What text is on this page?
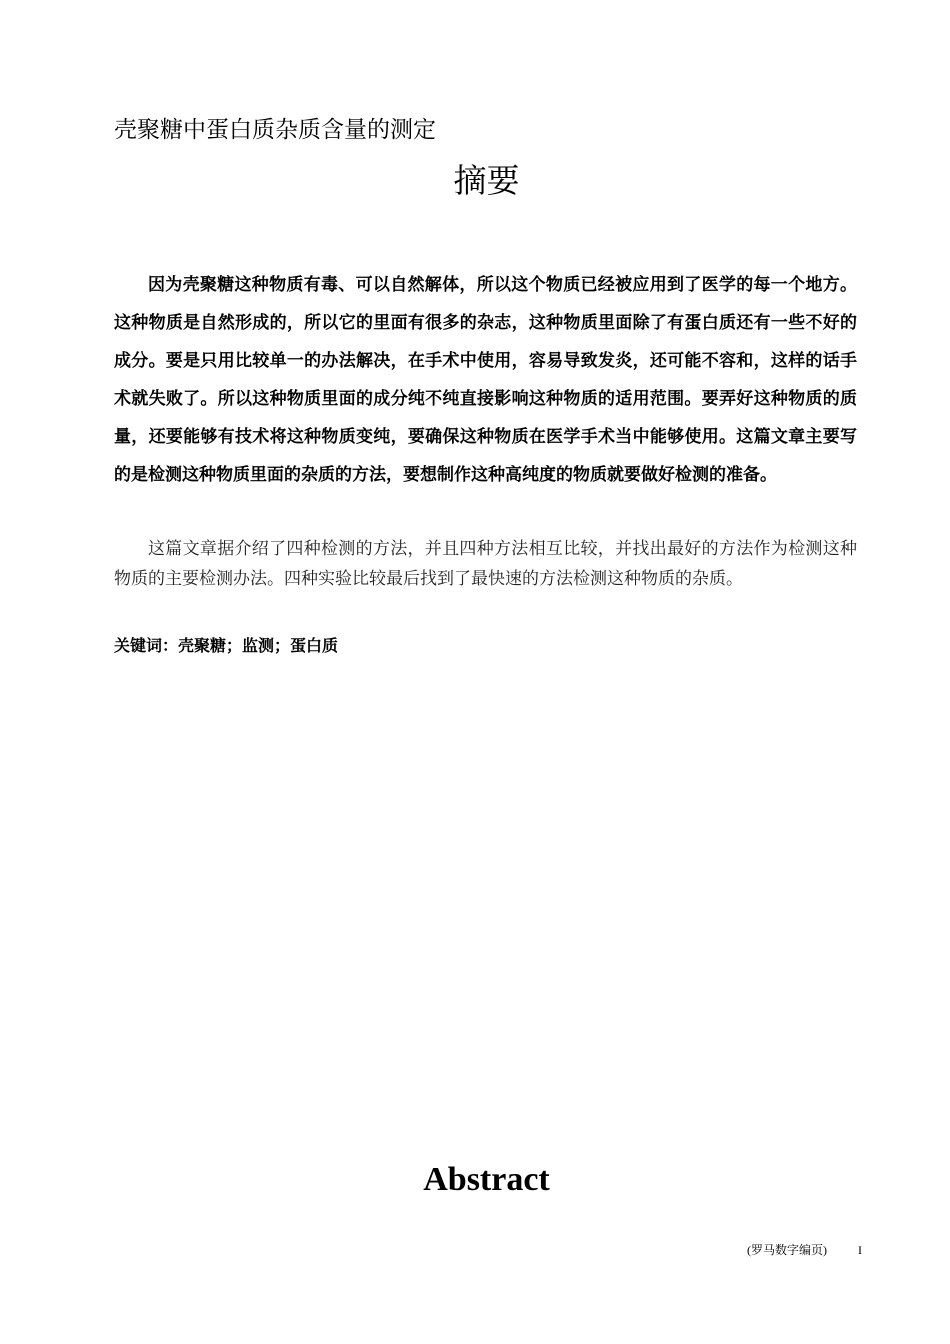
壳聚糖中蛋白质杂质含量的测定
摘要

因为壳聚糖这种物质有毒、可以自然解体，所以这个物质已经被应用到了医学的每一个地方。这种物质是自然形成的，所以它的里面有很多的杂志，这种物质里面除了有蛋白质还有一些不好的成分。要是只用比较单一的办法解决，在手术中使用，容易导致发炎，还可能不容和，这样的话手术就失败了。所以这种物质里面的成分纯不纯直接影响这种物质的适用范围。要弄好这种物质的质量，还要能够有技术将这种物质变纯，要确保这种物质在医学手术当中能够使用。这篇文章主要写的是检测这种物质里面的杂质的方法，要想制作这种高纯度的物质就要做好检测的准备。

这篇文章据介绍了四种检测的方法，并且四种方法相互比较，并找出最好的方法作为检测这种物质的主要检测办法。四种实验比较最后找到了最快速的方法检测这种物质的杂质。

关键词：壳聚糖；监测；蛋白质

Abstract
(罗马数字编页)	I
